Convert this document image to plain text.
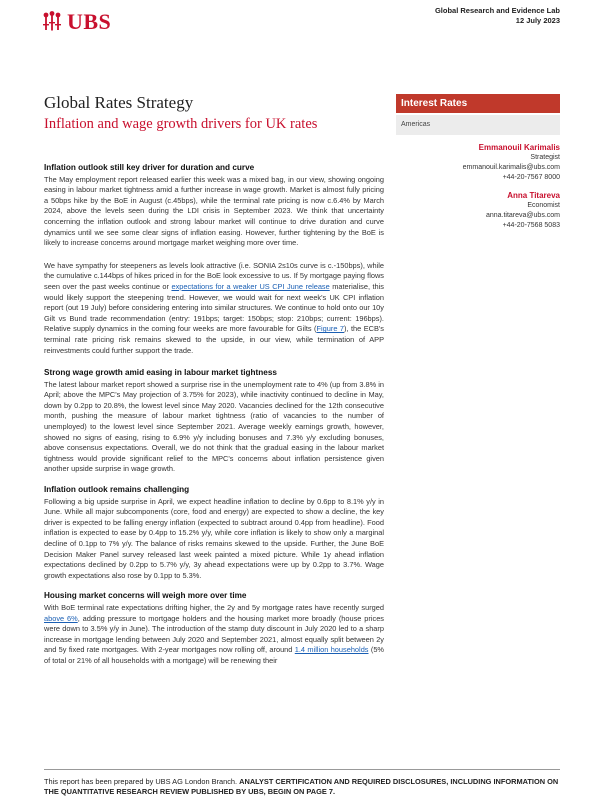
UBS	Global Research and Evidence Lab
12 July 2023
Global Rates Strategy
Inflation and wage growth drivers for UK rates
Interest Rates
Americas
Emmanouil Karimalis
Strategist
emmanouil.karimalis@ubs.com
+44-20-7567 8000
Anna Titareva
Economist
anna.titareva@ubs.com
+44-20-7568 5083
Inflation outlook still key driver for duration and curve

The May employment report released earlier this week was a mixed bag, in our view, showing ongoing easing in labour market tightness amid a further increase in wage growth. Market is almost fully pricing a 50bps hike by the BoE in August (c.45bps), while the terminal rate pricing is now c.6.4% by March 2024, above the levels seen during the LDI crisis in September 2023. We think that uncertainty concerning the inflation outlook and strong labour market will continue to drive duration and curve dynamics until we see some clear signs of inflation easing. However, further tightening by the BoE is likely to increase concerns around mortgage market weighing more over time.

We have sympathy for steepeners as levels look attractive (i.e. SONIA 2s10s curve is c.-150bps), while the cumulative c.144bps of hikes priced in for the BoE look excessive to us. If 5y mortgage paying flows seen over the past weeks continue or expectations for a weaker US CPI June release materialise, this would likely support the steepening trend. However, we would wait for next week's UK CPI inflation report (out 19 July) before considering entering into similar structures. We continue to hold onto our 10y Gilt vs Bund trade recommendation (entry: 191bps; target: 150bps; stop: 210bps; current: 196bps). Relative supply dynamics in the coming four weeks are more favourable for Gilts (Figure 7), the ECB's terminal rate pricing risk remains skewed to the upside, in our view, while termination of APP reinvestments could further support the trade.

Strong wage growth amid easing in labour market tightness

The latest labour market report showed a surprise rise in the unemployment rate to 4% (up from 3.8% in April; above the MPC's May projection of 3.75% for 2023), while inactivity continued to decline in May, down by 0.2pp to 20.8%, the lowest level since May 2020. Vacancies declined for the 12th consecutive month, pushing the measure of labour market tightness (ratio of vacancies to the number of unemployed) to the lowest level since September 2021. Average weekly earnings growth, however, showed no signs of easing, rising to 6.9% y/y including bonuses and 7.3% y/y excluding bonuses, above consensus expectations. Overall, we do not think that the gradual easing in the labour market tightness would provide significant relief to the MPC's concerns about inflation persistence given another upside surprise in wage growth.

Inflation outlook remains challenging

Following a big upside surprise in April, we expect headline inflation to decline by 0.6pp to 8.1% y/y in June. While all major subcomponents (core, food and energy) are expected to show a decline, the key driver is expected to be falling energy inflation (expected to subtract around 0.4pp from headline). Food inflation is expected to ease by 0.4pp to 15.2% y/y, while core inflation is likely to show only a marginal decline of 0.1pp to 7% y/y. The balance of risks remains skewed to the upside. Further, the June BoE Decision Maker Panel survey released last week painted a mixed picture. While 1y ahead inflation expectations declined by 0.2pp to 5.7% y/y, 3y ahead expectations were up by 0.2pp to 3.7%. Wage growth expectations also rose by 0.1pp to 5.3%.

Housing market concerns will weigh more over time

With BoE terminal rate expectations drifting higher, the 2y and 5y mortgage rates have recently surged above 6%, adding pressure to mortgage holders and the housing market more broadly (house prices were down to 3.5% y/y in June). The introduction of the stamp duty discount in July 2020 led to a sharp increase in mortgage lending between July 2020 and September 2021, almost equally split between 2y and 5y fixed rate mortgages. With 2-year mortgages now rolling off, around 1.4 million households (5% of total or 21% of all households with a mortgage) will be renewing their

This report has been prepared by UBS AG London Branch. ANALYST CERTIFICATION AND REQUIRED DISCLOSURES, INCLUDING INFORMATION ON THE QUANTITATIVE RESEARCH REVIEW PUBLISHED BY UBS, BEGIN ON PAGE 7.
